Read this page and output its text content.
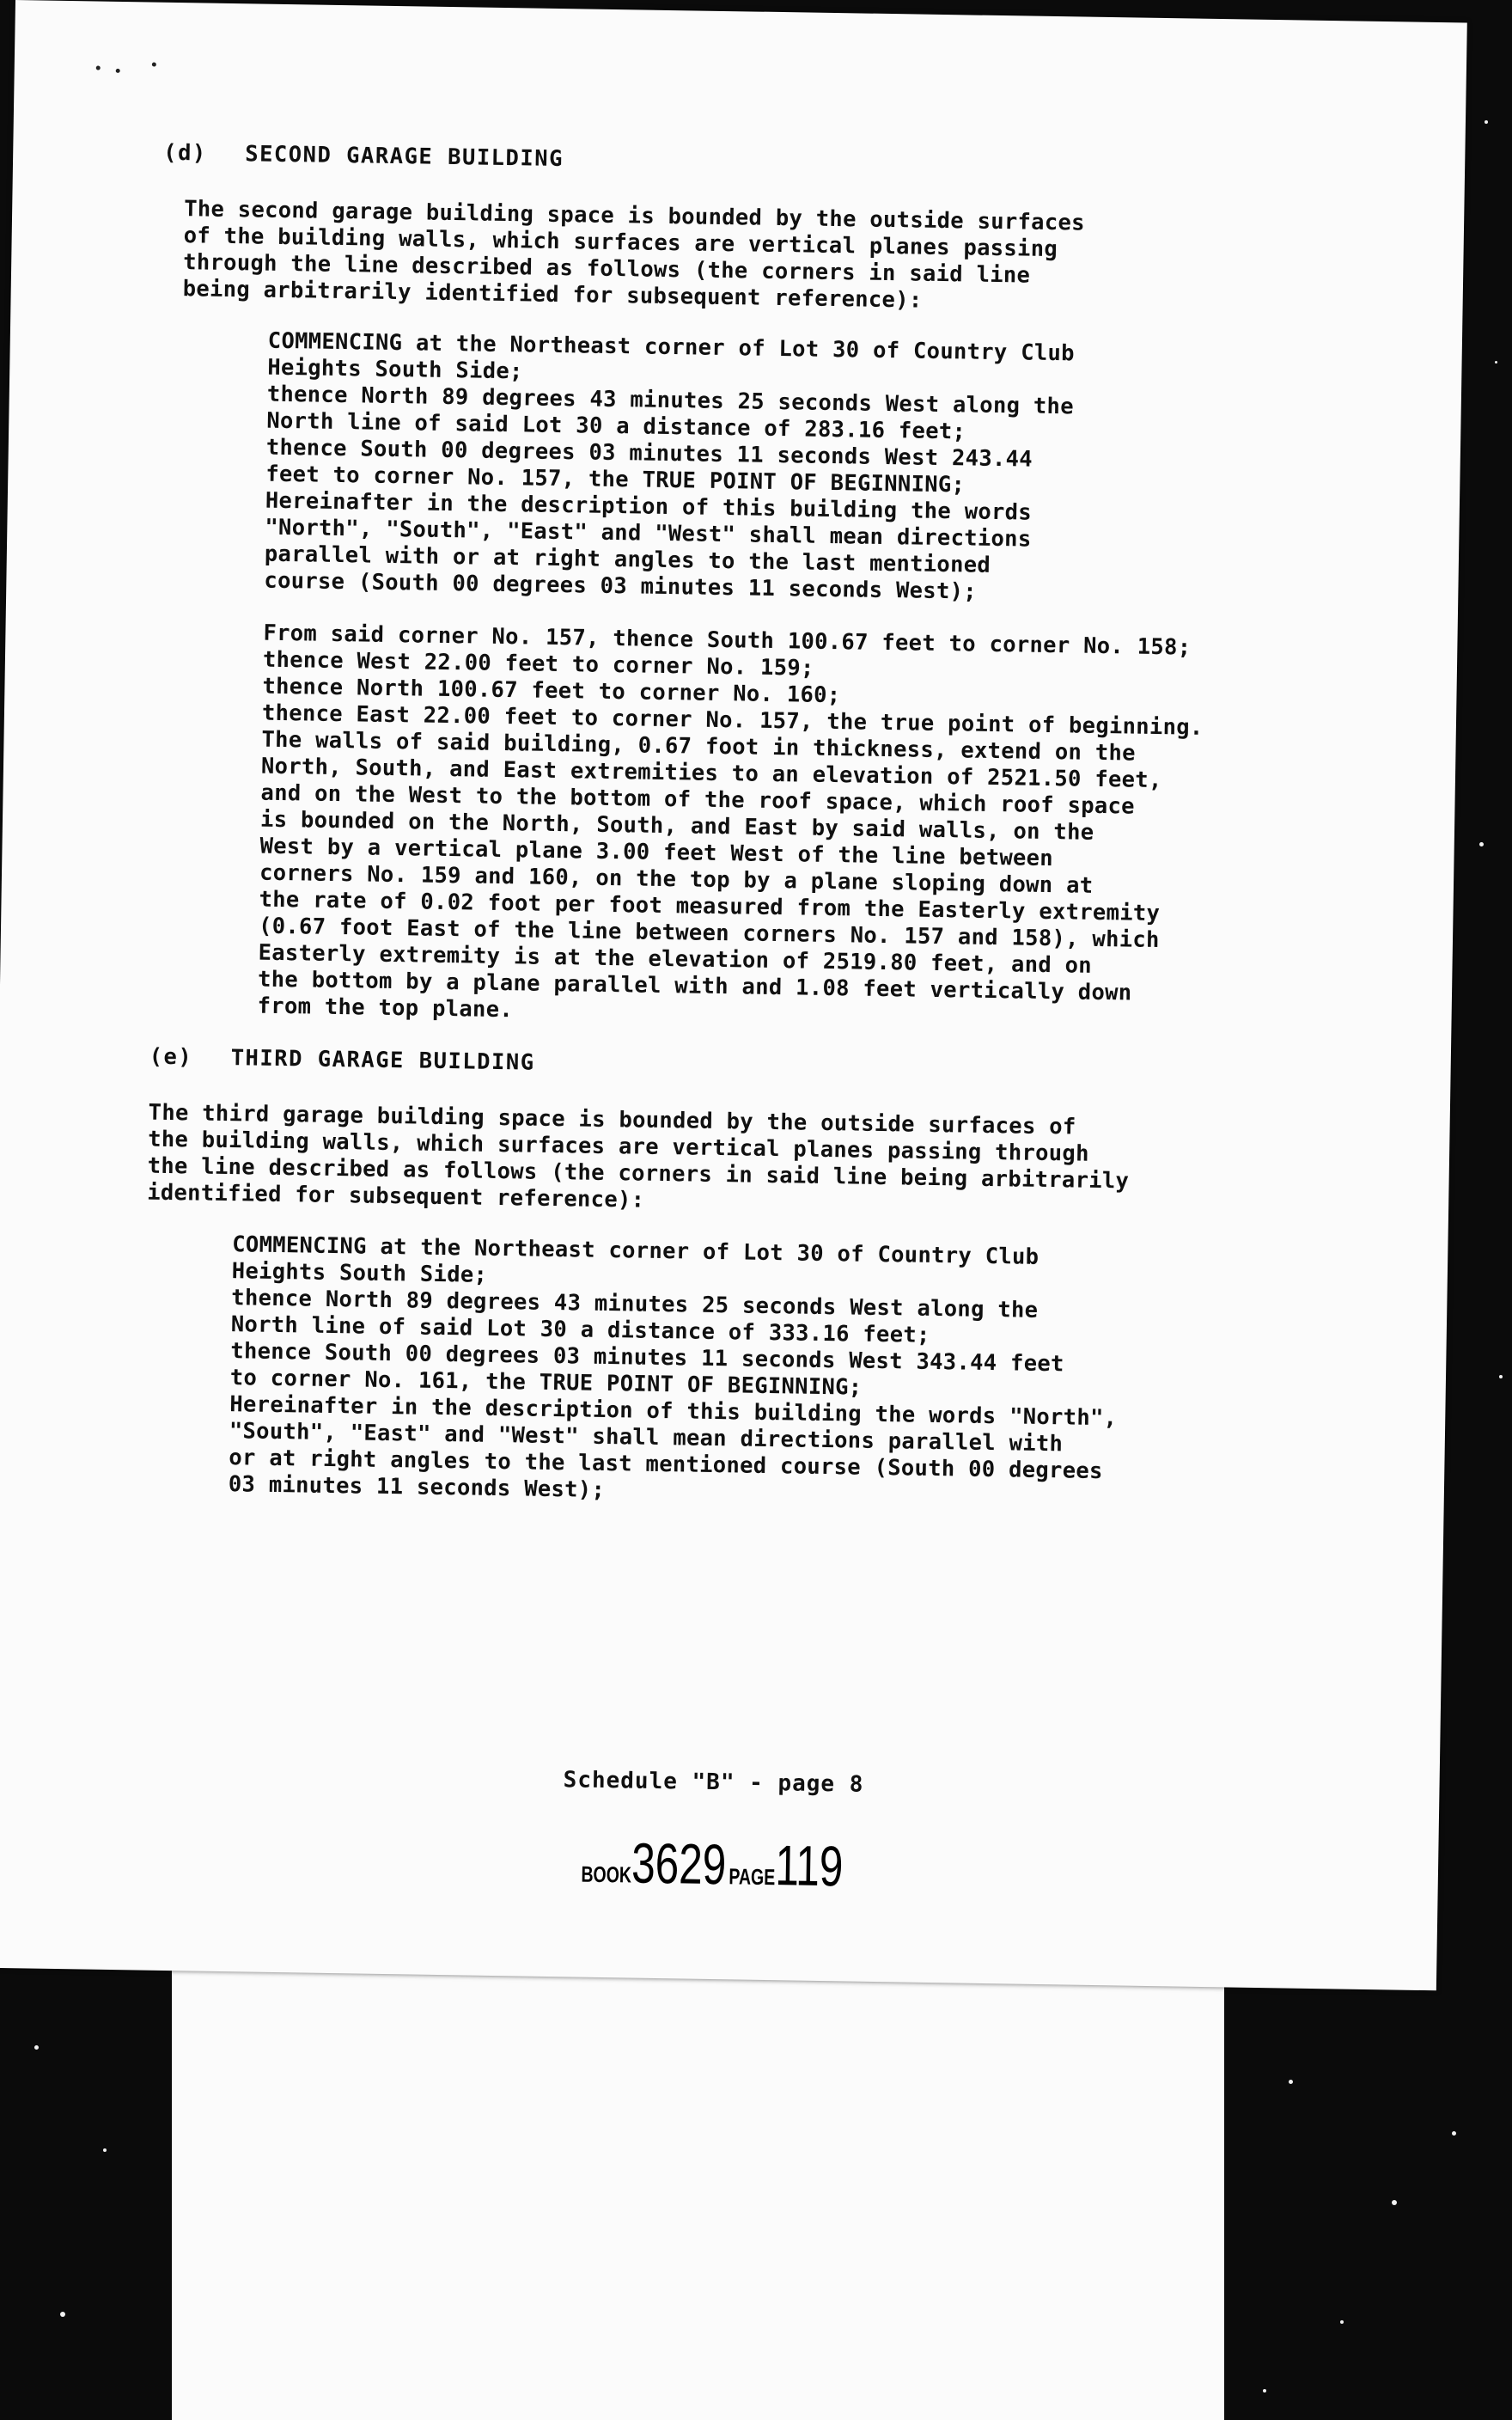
(d) SECOND GARAGE BUILDING

The second garage building space is bounded by the outside surfaces
of the building walls, which surfaces are vertical planes passing
through the line described as follows (the corners in said line
being arbitrarily identified for subsequent reference):

COMMENCING at the Northeast corner of Lot 30 of Country Club
Heights South Side;
thence North 89 degrees 43 minutes 25 seconds West along the
North line of said Lot 30 a distance of 283.16 feet;
thence South 00 degrees 03 minutes 11 seconds West 243.44
feet to corner No. 157, the TRUE POINT OF BEGINNING;
Hereinafter in the description of this building the words
"North", "South", "East" and "West" shall mean directions
parallel with or at right angles to the last mentioned
course (South 00 degrees 03 minutes 11 seconds West);

From said corner No. 157, thence South 100.67 feet to corner No. 158;
thence West 22.00 feet to corner No. 159;
thence North 100.67 feet to corner No. 160;
thence East 22.00 feet to corner No. 157, the true point of beginning.
The walls of said building, 0.67 foot in thickness, extend on the
North, South, and East extremities to an elevation of 2521.50 feet,
and on the West to the bottom of the roof space, which roof space
is bounded on the North, South, and East by said walls, on the
West by a vertical plane 3.00 feet West of the line between
corners No. 159 and 160, on the top by a plane sloping down at
the rate of 0.02 foot per foot measured from the Easterly extremity
(0.67 foot East of the line between corners No. 157 and 158), which
Easterly extremity is at the elevation of 2519.80 feet, and on
the bottom by a plane parallel with and 1.08 feet vertically down
from the top plane.

(e) THIRD GARAGE BUILDING

The third garage building space is bounded by the outside surfaces of
the building walls, which surfaces are vertical planes passing through
the line described as follows (the corners in said line being arbitrarily
identified for subsequent reference):

COMMENCING at the Northeast corner of Lot 30 of Country Club
Heights South Side;
thence North 89 degrees 43 minutes 25 seconds West along the
North line of said Lot 30 a distance of 333.16 feet;
thence South 00 degrees 03 minutes 11 seconds West 343.44 feet
to corner No. 161, the TRUE POINT OF BEGINNING;
Hereinafter in the description of this building the words "North",
"South", "East" and "West" shall mean directions parallel with
or at right angles to the last mentioned course (South 00 degrees
03 minutes 11 seconds West);

Schedule "B" - page 8
BOOK3629 PAGE119
